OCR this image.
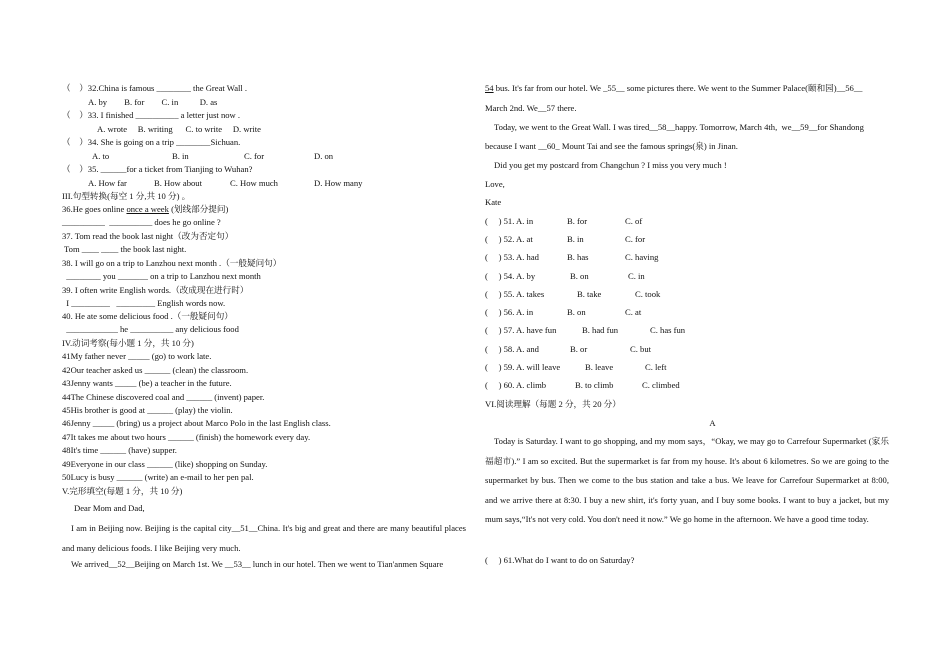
（    ）32.China is famous ________ the Great Wall .
A. by        B. for        C. in          D. as
（    ）33. I finished __________ a letter just now .
A. wrote     B. writing      C. to write     D. write
（    ）34. She is going on a trip ________Sichuan.
A. to	B. in	C. for	D. on
（    ）35. ______for a ticket from Tianjing to Wuhan?
A. How far	B. How about	C. How much	D. How many
III.句型转换(每空 1 分,共 10 分) 。
36.He goes online once a week (划线部分提问)
__________  __________ does he go online ?
37. Tom read the book last night（改为否定句）
Tom ____ ____ the book last night.
38. I will go on a trip to Lanzhou next month .（一般疑问句）
________ you _______ on a trip to Lanzhou next month
39. I often write English words.（改成现在进行时）
I _________   _________ English words now.
40. He ate some delicious food .（一般疑问句）
____________ he __________ any delicious food
IV.动词考察(每小题 1 分，共 10 分)
41My father never _____ (go) to work late.
42Our teacher asked us ______ (clean) the classroom.
43Jenny wants _____ (be) a teacher in the future.
44The Chinese discovered coal and ______ (invent) paper.
45His brother is good at ______ (play) the violin.
46Jenny _____ (bring) us a project about Marco Polo in the last English class.
47It takes me about two hours ______ (finish) the homework every day.
48It's time ______ (have) supper.
49Everyone in our class ______ (like) shopping on Sunday.
50Lucy is busy ______ (write) an e-mail to her pen pal.
V.完形填空(每题 1 分，共 10 分)
Dear Mom and Dad,
I am in Beijing now. Beijing is the capital city__51__China. It's big and great and there are many beautiful places and many delicious foods. I like Beijing very much.
We arrived__52__Beijing on March 1st. We __53__ lunch in our hotel. Then we went to Tian'anmen Square
54 bus. It's far from our hotel. We _55__ some pictures there. We went to the Summer Palace(颐和园)__56__
March 2nd. We__57 there.
Today, we went to the Great Wall. I was tired__58__happy. Tomorrow, March 4th,  we__59__for Shandong
because I want __60_ Mount Tai and see the famous springs(泉) in Jinan.
Did you get my postcard from Changchun ? I miss you very much !
Love,
Kate
(     ) 51. A. in	B. for	C. of
(     ) 52. A. at	B. in	C. for
(     ) 53. A. had	B. has	C. having
(     ) 54. A. by	B. on	C. in
(     ) 55. A. takes	B. take	C. took
(     ) 56. A. in	B. on	C. at
(     ) 57. A. have fun	B. had fun	C. has fun
(     ) 58. A. and	B. or	C. but
(     ) 59. A. will leave	B. leave	C. left
(     ) 60. A. climb	B. to climb	C. climbed
VI.阅读理解（每题 2 分，共 20 分）
A
Today is Saturday. I want to go shopping, and my mom says，“Okay, we may go to Carrefour Supermarket (家乐福超市).” I am so excited. But the supermarket is far from my house. It's about 6 kilometres. So we are going to the supermarket by bus. Then we come to the bus station and take a bus. We leave for Carrefour Supermarket at 8:00, and we arrive there at 8:30. I buy a new shirt, it's forty yuan, and I buy some books. I want to buy a jacket, but my mum says,“It's not very cold. You don't need it now.” We go home in the afternoon. We have a good time today.
(     ) 61.What do I want to do on Saturday?
